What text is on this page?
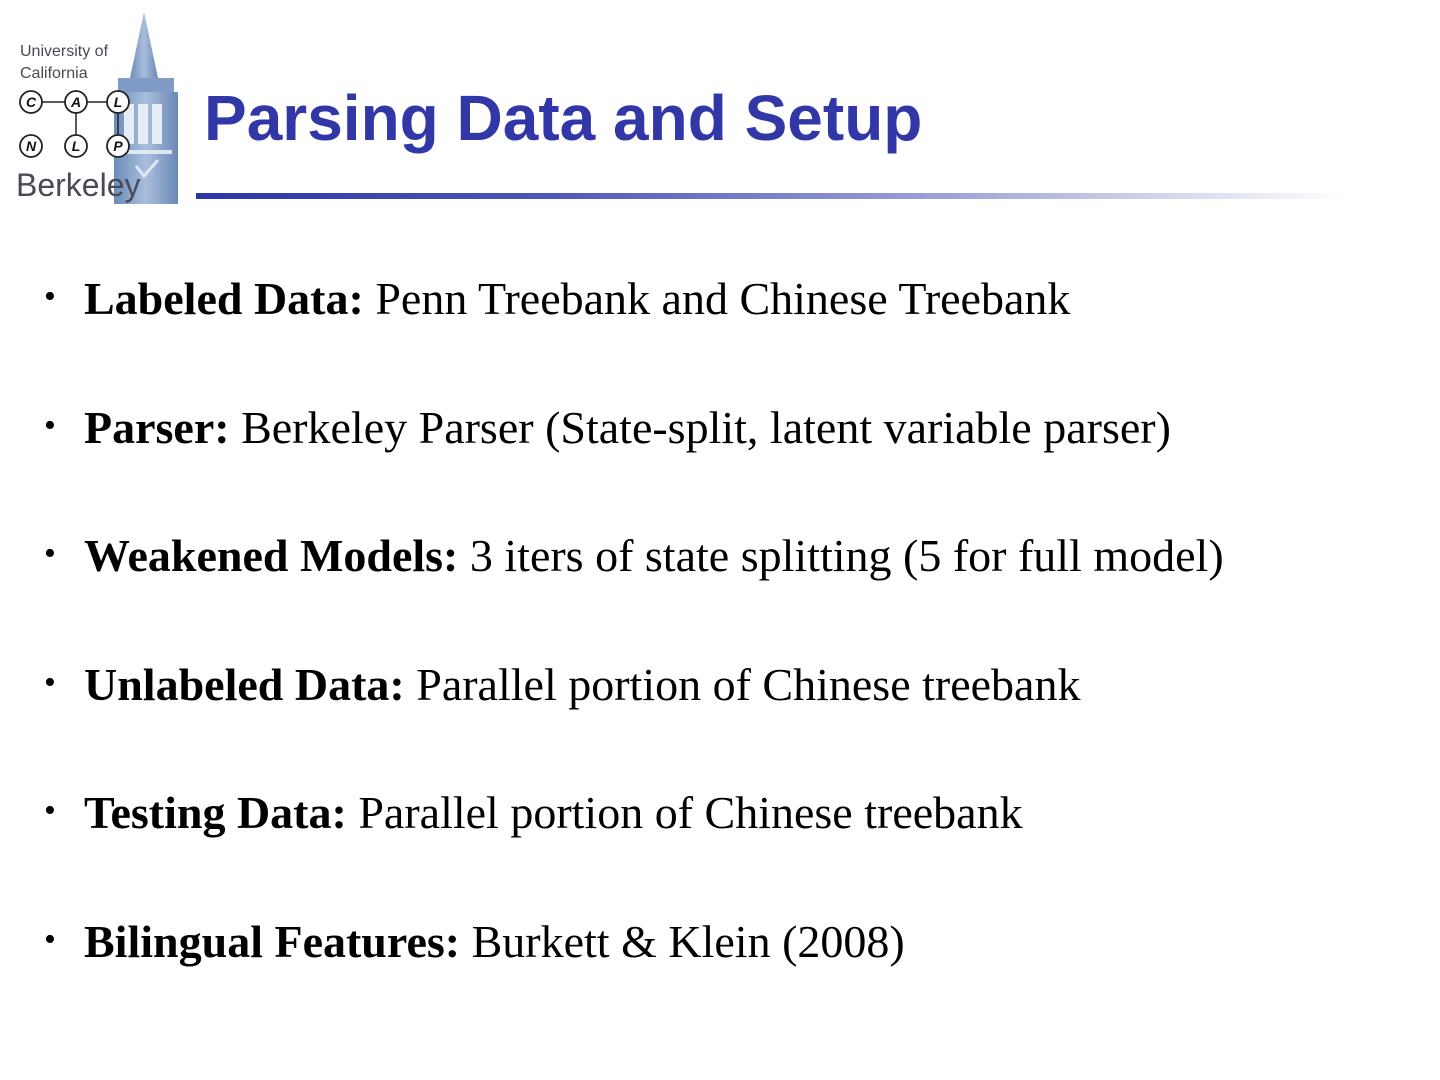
University of
California
C A L
N	L P
Berkeley
Parsing Data and Setup
• Labeled Data: Penn Treebank and Chinese Treebank
• Parser: Berkeley Parser (State-split, latent variable parser)
• Weakened Models: 3 iters of state splitting (5 for full model)
• Unlabeled Data: Parallel portion of Chinese treebank
• Testing Data: Parallel portion of Chinese treebank
• Bilingual Features: Burkett & Klein (2008)
